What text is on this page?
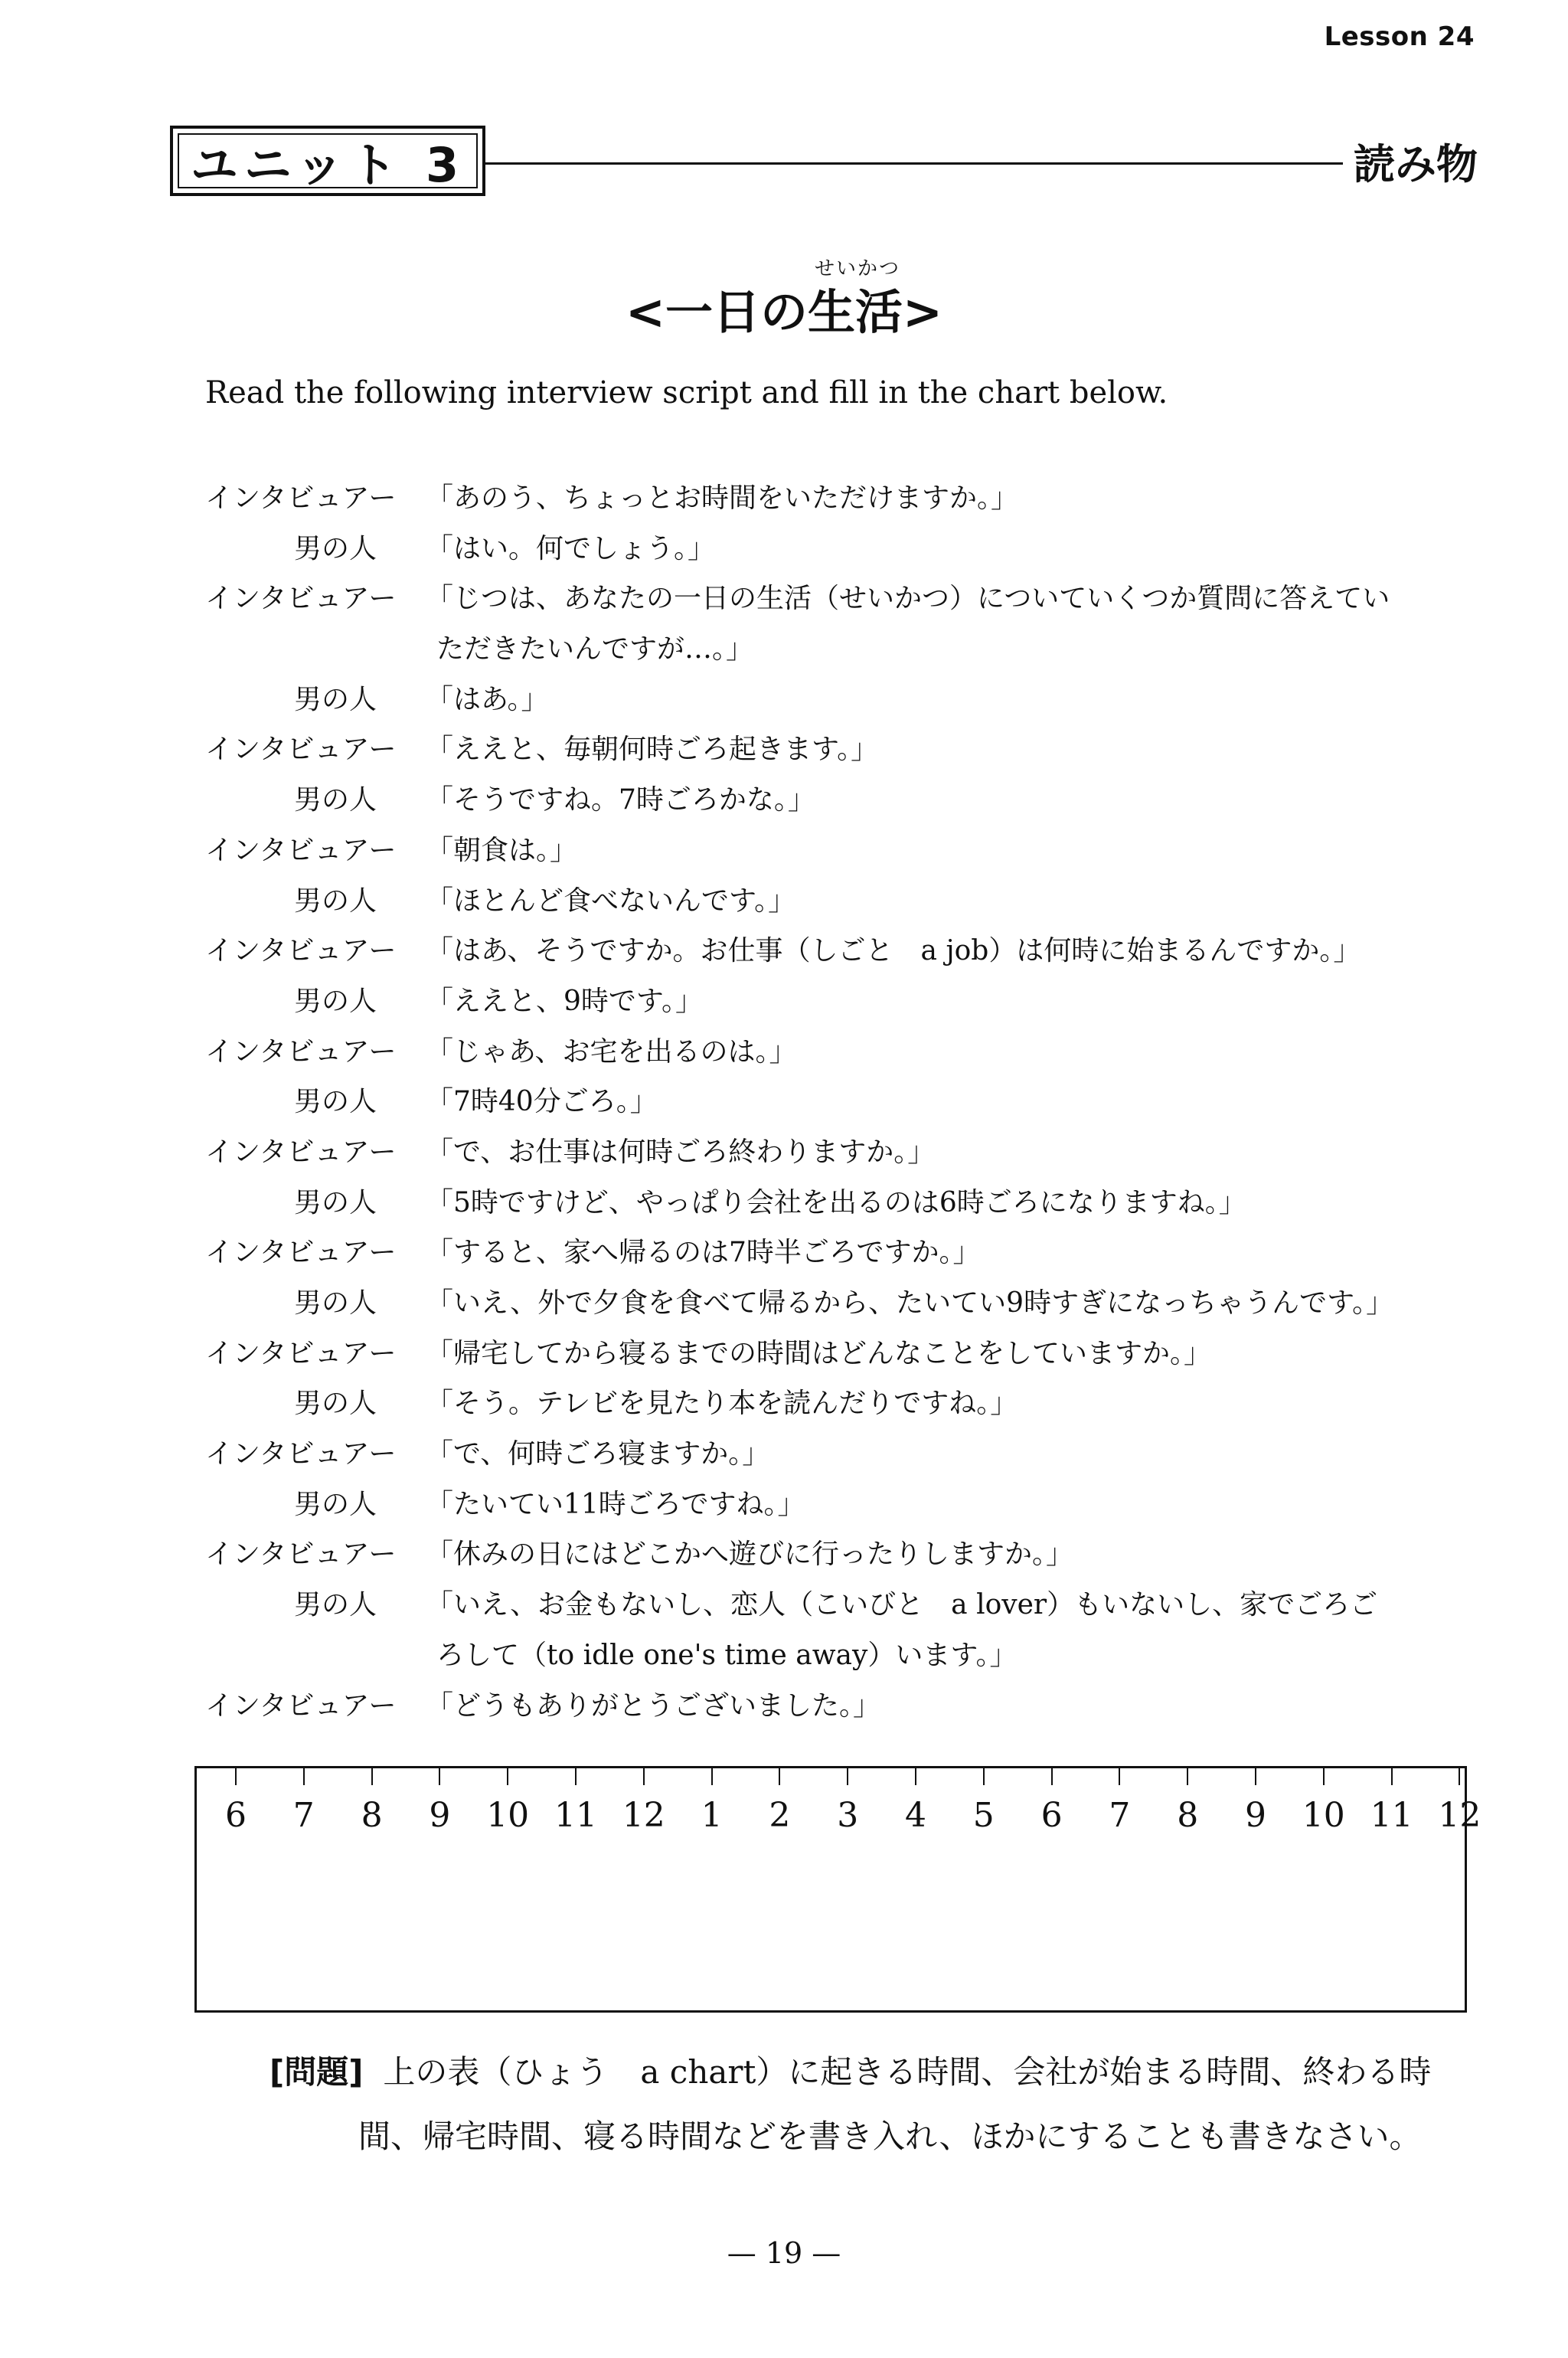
Lesson 24
ユニット 3	読み物
せいかつ
<一日の生活>
Read the following interview script and fill in the chart below.
インタビュアー 「あのう、ちょっとお時間をいただけますか。」
男の人 「はい。何でしょう。」
インタビュアー 「じつは、あなたの一日の生活（せいかつ）についていくつか質問に答えてい
ただきたいんですが…。」
男の人 「はあ。」
インタビュアー 「ええと、毎朝何時ごろ起きます。」
男の人 「そうですね。7時ごろかな。」
インタビュアー 「朝食は。」
男の人 「ほとんど食べないんです。」
インタビュアー 「はあ、そうですか。お仕事（しごと　a job）は何時に始まるんですか。」
男の人 「ええと、9時です。」
インタビュアー 「じゃあ、お宅を出るのは。」
男の人 「7時40分ごろ。」
インタビュアー 「で、お仕事は何時ごろ終わりますか。」
男の人 「5時ですけど、やっぱり会社を出るのは6時ごろになりますね。」
インタビュアー 「すると、家へ帰るのは7時半ごろですか。」
男の人 「いえ、外で夕食を食べて帰るから、たいてい9時すぎになっちゃうんです。」
インタビュアー 「帰宅してから寝るまでの時間はどんなことをしていますか。」
男の人 「そう。テレビを見たり本を読んだりですね。」
インタビュアー 「で、何時ごろ寝ますか。」
男の人 「たいてい11時ごろですね。」
インタビュアー 「休みの日にはどこかへ遊びに行ったりしますか。」
男の人 「いえ、お金もないし、恋人（こいびと　a lover）もいないし、家でごろご
ろして（to idle one's time away）います。」
インタビュアー 「どうもありがとうございました。」
6	7	8	9	10 11 12	1	2	3	4	5	6	7	8	9	10 11 12
[問題] 上の表（ひょう　a chart）に起きる時間、会社が始まる時間、終わる時
間、帰宅時間、寝る時間などを書き入れ、ほかにすることも書きなさい。
— 19 —
